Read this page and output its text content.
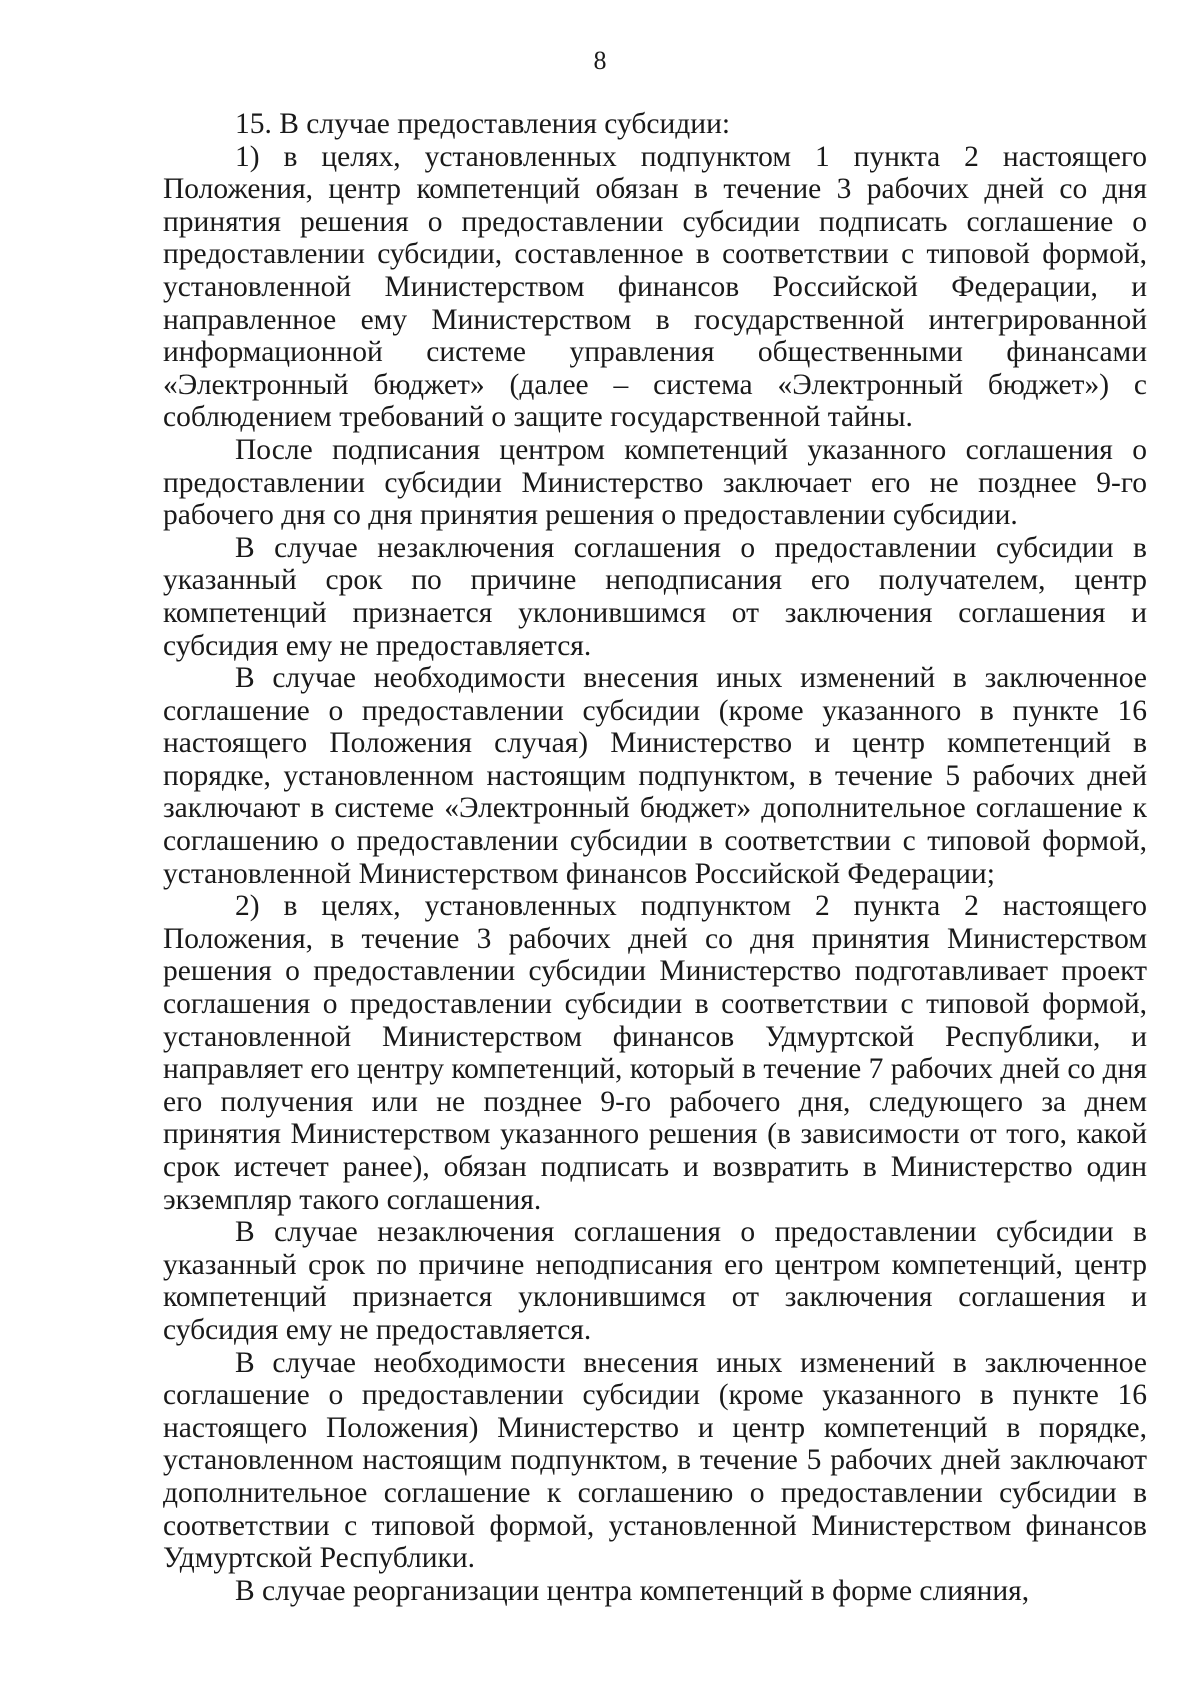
8

15. В случае предоставления субсидии:

1) в целях, установленных подпунктом 1 пункта 2 настоящего Положения, центр компетенций обязан в течение 3 рабочих дней со дня принятия решения о предоставлении субсидии подписать соглашение о предоставлении субсидии, составленное в соответствии с типовой формой, установленной Министерством финансов Российской Федерации, и направленное ему Министерством в государственной интегрированной информационной системе управления общественными финансами «Электронный бюджет» (далее – система «Электронный бюджет») с соблюдением требований о защите государственной тайны.

После подписания центром компетенций указанного соглашения о предоставлении субсидии Министерство заключает его не позднее 9-го рабочего дня со дня принятия решения о предоставлении субсидии.

В случае незаключения соглашения о предоставлении субсидии в указанный срок по причине неподписания его получателем, центр компетенций признается уклонившимся от заключения соглашения и субсидия ему не предоставляется.

В случае необходимости внесения иных изменений в заключенное соглашение о предоставлении субсидии (кроме указанного в пункте 16 настоящего Положения случая) Министерство и центр компетенций в порядке, установленном настоящим подпунктом, в течение 5 рабочих дней заключают в системе «Электронный бюджет» дополнительное соглашение к соглашению о предоставлении субсидии в соответствии с типовой формой, установленной Министерством финансов Российской Федерации;

2) в целях, установленных подпунктом 2 пункта 2 настоящего Положения, в течение 3 рабочих дней со дня принятия Министерством решения о предоставлении субсидии Министерство подготавливает проект соглашения о предоставлении субсидии в соответствии с типовой формой, установленной Министерством финансов Удмуртской Республики, и направляет его центру компетенций, который в течение 7 рабочих дней со дня его получения или не позднее 9-го рабочего дня, следующего за днем принятия Министерством указанного решения (в зависимости от того, какой срок истечет ранее), обязан подписать и возвратить в Министерство один экземпляр такого соглашения.

В случае незаключения соглашения о предоставлении субсидии в указанный срок по причине неподписания его центром компетенций, центр компетенций признается уклонившимся от заключения соглашения и субсидия ему не предоставляется.

В случае необходимости внесения иных изменений в заключенное соглашение о предоставлении субсидии (кроме указанного в пункте 16 настоящего Положения) Министерство и центр компетенций в порядке, установленном настоящим подпунктом, в течение 5 рабочих дней заключают дополнительное соглашение к соглашению о предоставлении субсидии в соответствии с типовой формой, установленной Министерством финансов Удмуртской Республики.

В случае реорганизации центра компетенций в форме слияния,
